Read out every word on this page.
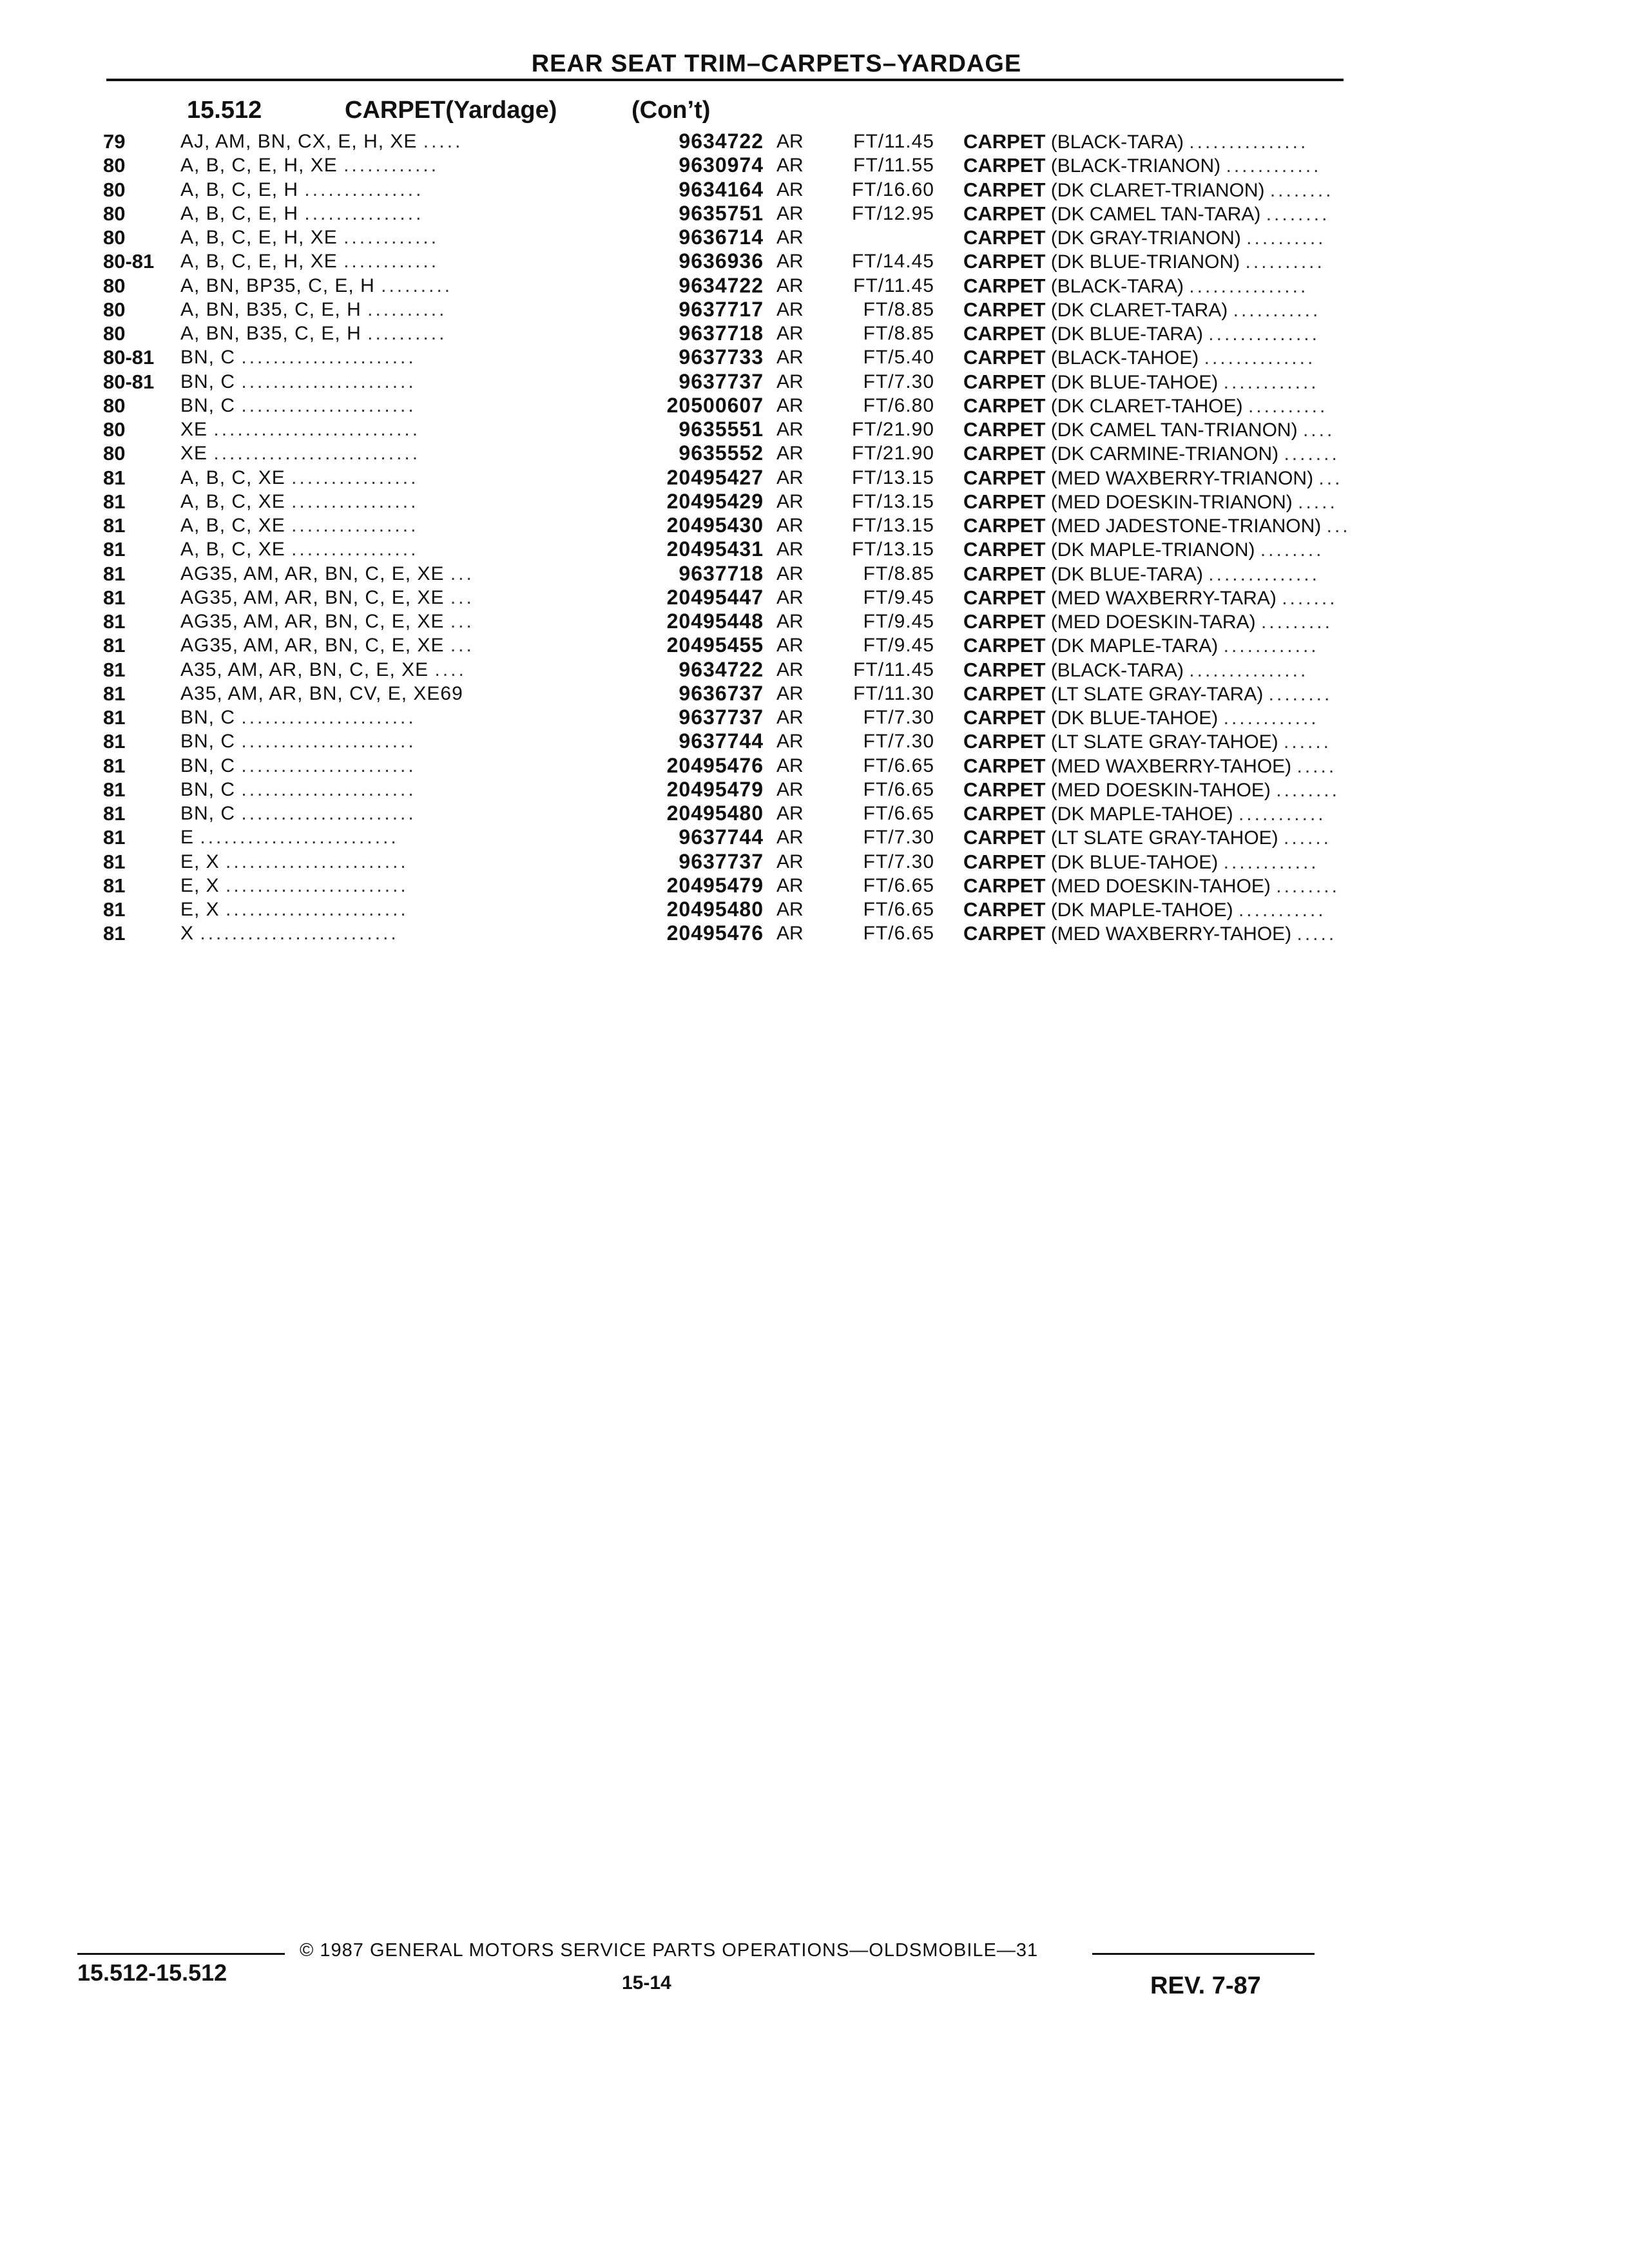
REAR SEAT TRIM–CARPETS–YARDAGE
15.512	CARPET(Yardage)	(Con’t)
79	AJ, AM, BN, CX, E, H, XE .....	9634722 AR	FT/11.45 CARPET (BLACK-TARA) ...............
80	A, B, C, E, H, XE ............	9630974 AR	FT/11.55 CARPET (BLACK-TRIANON) ............
80	A, B, C, E, H ...............	9634164 AR	FT/16.60 CARPET (DK CLARET-TRIANON) ........
80	A, B, C, E, H ...............	9635751 AR	FT/12.95 CARPET (DK CAMEL TAN-TARA) ........
80	A, B, C, E, H, XE ............	9636714 AR	CARPET (DK GRAY-TRIANON) ..........
80-81	A, B, C, E, H, XE ............	9636936 AR	FT/14.45 CARPET (DK BLUE-TRIANON) ..........
80	A, BN, BP35, C, E, H .........	9634722 AR	FT/11.45 CARPET (BLACK-TARA) ...............
80	A, BN, B35, C, E, H ..........	9637717 AR	FT/8.85 CARPET (DK CLARET-TARA) ...........
80	A, BN, B35, C, E, H ..........	9637718 AR	FT/8.85 CARPET (DK BLUE-TARA) ..............
80-81	BN, C ......................	9637733 AR	FT/5.40 CARPET (BLACK-TAHOE) ..............
80-81	BN, C ......................	9637737 AR	FT/7.30 CARPET (DK BLUE-TAHOE) ............
80	BN, C ......................	20500607 AR	FT/6.80 CARPET (DK CLARET-TAHOE) ..........
80	XE ..........................	9635551 AR	FT/21.90 CARPET (DK CAMEL TAN-TRIANON) ....
80	XE ..........................	9635552 AR	FT/21.90 CARPET (DK CARMINE-TRIANON) .......
81	A, B, C, XE ................	20495427 AR	FT/13.15 CARPET (MED WAXBERRY-TRIANON) ...
81	A, B, C, XE ................	20495429 AR	FT/13.15 CARPET (MED DOESKIN-TRIANON) .....
81	A, B, C, XE ................	20495430 AR	FT/13.15 CARPET (MED JADESTONE-TRIANON) ...
81	A, B, C, XE ................	20495431 AR	FT/13.15 CARPET (DK MAPLE-TRIANON) ........
81	AG35, AM, AR, BN, C, E, XE ...	9637718 AR	FT/8.85 CARPET (DK BLUE-TARA) ..............
81	AG35, AM, AR, BN, C, E, XE ...	20495447 AR	FT/9.45 CARPET (MED WAXBERRY-TARA) .......
81	AG35, AM, AR, BN, C, E, XE ...	20495448 AR	FT/9.45 CARPET (MED DOESKIN-TARA) .........
81	AG35, AM, AR, BN, C, E, XE ...	20495455 AR	FT/9.45 CARPET (DK MAPLE-TARA) ............
81	A35, AM, AR, BN, C, E, XE ....	9634722 AR	FT/11.45 CARPET (BLACK-TARA) ...............
81	A35, AM, AR, BN, CV, E, XE69	9636737 AR	FT/11.30 CARPET (LT SLATE GRAY-TARA) ........
81	BN, C ......................	9637737 AR	FT/7.30 CARPET (DK BLUE-TAHOE) ............
81	BN, C ......................	9637744 AR	FT/7.30 CARPET (LT SLATE GRAY-TAHOE) ......
81	BN, C ......................	20495476 AR	FT/6.65 CARPET (MED WAXBERRY-TAHOE) .....
81	BN, C ......................	20495479 AR	FT/6.65 CARPET (MED DOESKIN-TAHOE) ........
81	BN, C ......................	20495480 AR	FT/6.65 CARPET (DK MAPLE-TAHOE) ...........
81	E .........................	9637744 AR	FT/7.30 CARPET (LT SLATE GRAY-TAHOE) ......
81	E, X .......................	9637737 AR	FT/7.30 CARPET (DK BLUE-TAHOE) ............
81	E, X .......................	20495479 AR	FT/6.65 CARPET (MED DOESKIN-TAHOE) ........
81	E, X .......................	20495480 AR	FT/6.65 CARPET (DK MAPLE-TAHOE) ...........
81	X .........................	20495476 AR	FT/6.65 CARPET (MED WAXBERRY-TAHOE) .....
15.512-15.512
© 1987 GENERAL MOTORS SERVICE PARTS OPERATIONS—OLDSMOBILE—31
15-14	REV. 7-87
